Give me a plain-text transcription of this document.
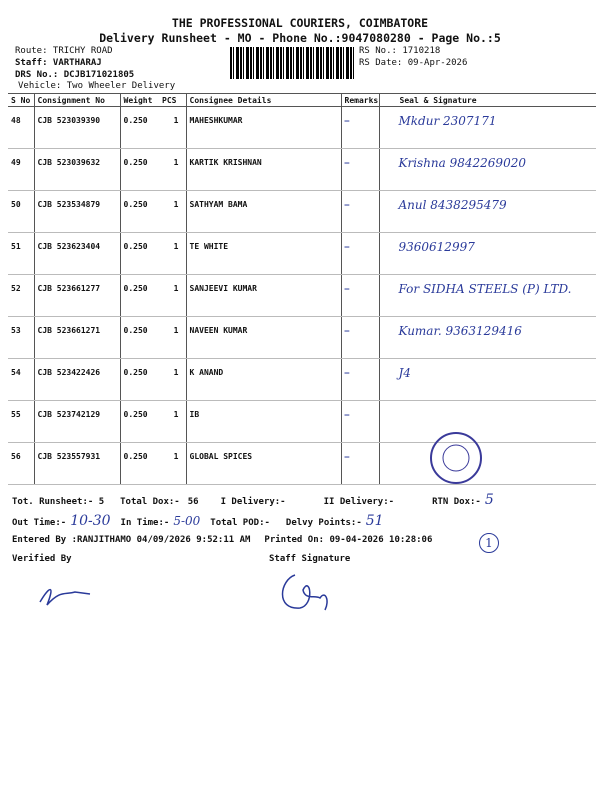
THE PROFESSIONAL COURIERS, COIMBATORE
Delivery Runsheet - MO - Phone No.:9047080280 - Page No.:5
Route: TRICHY ROAD
Staff: VARTHARAJ
DRS No.: DCJB171021805
Vehicle: Two Wheeler Delivery
RS No.: 1710218
RS Date: 09-Apr-2026
S No	Consignment No	Weight PCS	Consignee Details	Remarks	Seal & Signature
48	CJB 523039390	0.250 1	MAHESHKUMAR	—	Mkdur 2307171
49	CJB 523039632	0.250 1	KARTIK KRISHNAN	—	Krishna 9842269020
50	CJB 523534879	0.250 1	SATHYAM BAMA	—	Anul 8438295479
51	CJB 523623404	0.250 1	TE WHITE	—	9360612997
52	CJB 523661277	0.250 1	SANJEEVI KUMAR	—	For SIDHA STEELS (P) LTD.
53	CJB 523661271	0.250 1	NAVEEN KUMAR	—	Kumar. 9363129416
54	CJB 523422426	0.250 1	K ANAND	—	J4
55	CJB 523742129	0.250 1	IB	—	
56	CJB 523557931	0.250 1	GLOBAL SPICES	—	
Tot. Runsheet:- 5 Total Dox:- 56 I Delivery:-	II Delivery:-	RTN Dox:- 5
Out Time:- 10-30 In Time:- 5-00 Total POD:- Delvy Points:- 51
Entered By :RANJITHAMO 04/09/2026 9:52:11 AM Printed On: 09-04-2026 10:28:06	1
Verified By	Staff Signature
